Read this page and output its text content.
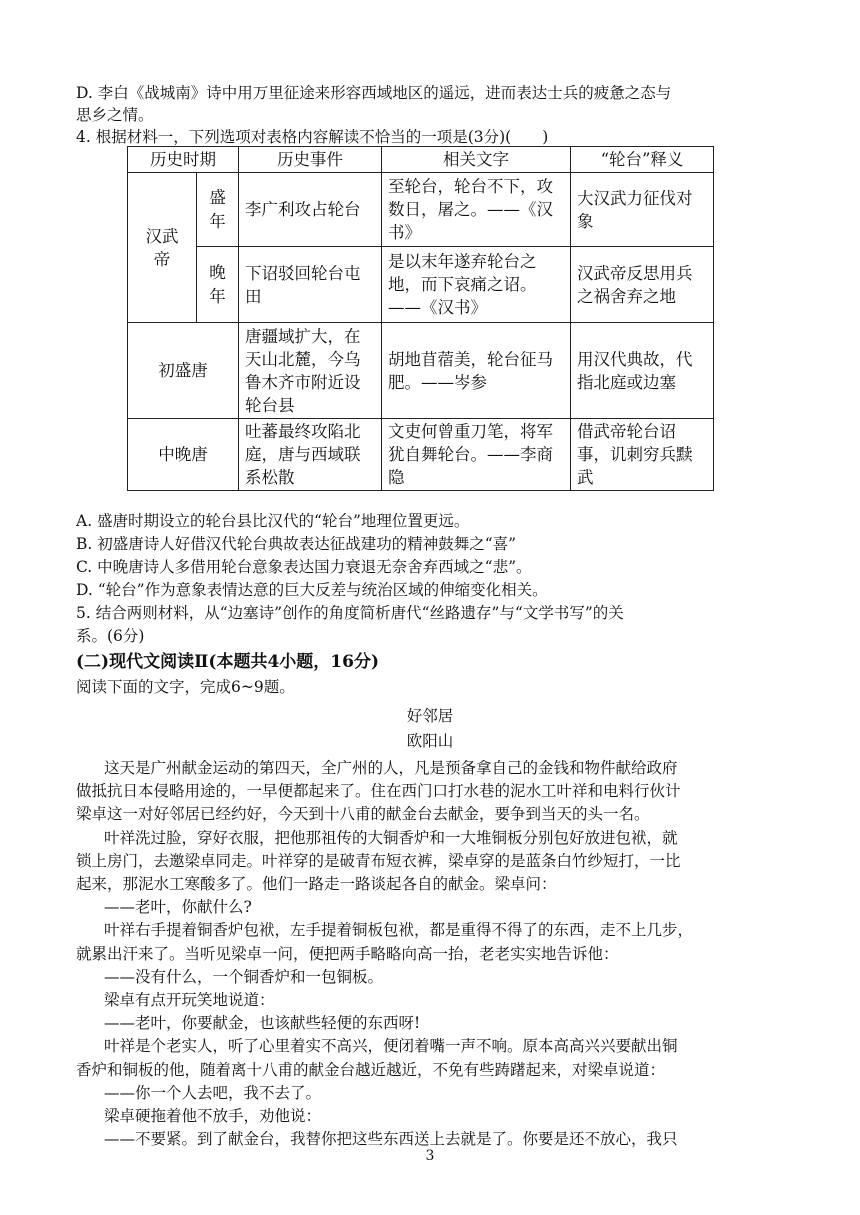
D. 李白《战城南》诗中用万里征途来形容西域地区的遥远，进而表达士兵的疲惫之态与
思乡之情。
4. 根据材料一，下列选项对表格内容解读不恰当的一项是(3分)(　　)
历史时期		历史事件	相关文字	“轮台”释义
汉武帝	盛年	李广利攻占轮台	至轮台，轮台不下，攻数日，屠之。——《汉书》	大汉武力征伐对象
	晚年	下诏驳回轮台屯田	是以末年遂弃轮台之地，而下哀痛之诏。——《汉书》	汉武帝反思用兵之祸舍弃之地
初盛唐		唐疆域扩大，在天山北麓，今乌鲁木齐市附近设轮台县	胡地苜蓿美，轮台征马肥。——岑参	用汉代典故，代指北庭或边塞
中晚唐		吐蕃最终攻陷北庭，唐与西域联系松散	文吏何曾重刀笔，将军犹自舞轮台。——李商隐	借武帝轮台诏事，讥刺穷兵黩武
A. 盛唐时期设立的轮台县比汉代的“轮台”地理位置更远。
B. 初盛唐诗人好借汉代轮台典故表达征战建功的精神鼓舞之“喜”
C. 中晚唐诗人多借用轮台意象表达国力衰退无奈舍弃西域之“悲”。
D. “轮台”作为意象表情达意的巨大反差与统治区域的伸缩变化相关。
5. 结合两则材料，从“边塞诗”创作的角度简析唐代“丝路遗存”与“文学书写”的关
系。(6分)
(二)现代文阅读Ⅱ(本题共4小题，16分)
阅读下面的文字，完成6~9题。
好邻居
欧阳山
这天是广州献金运动的第四天，全广州的人，凡是预备拿自己的金钱和物件献给政府
做抵抗日本侵略用途的，一早便都起来了。住在西门口打水巷的泥水工叶祥和电料行伙计
梁卓这一对好邻居已经约好，今天到十八甫的献金台去献金，要争到当天的头一名。
叶祥洗过脸，穿好衣服，把他那祖传的大铜香炉和一大堆铜板分别包好放进包袱，就
锁上房门，去邀梁卓同走。叶祥穿的是破青布短衣裤，梁卓穿的是蓝条白竹纱短打，一比
起来，那泥水工寒酸多了。他们一路走一路谈起各自的献金。梁卓问：
——老叶，你献什么?
叶祥右手提着铜香炉包袱，左手提着铜板包袱，都是重得不得了的东西，走不上几步，
就累出汗来了。当听见梁卓一问，便把两手略略向高一抬，老老实实地告诉他：
——没有什么，一个铜香炉和一包铜板。
梁卓有点开玩笑地说道：
——老叶，你要献金，也该献些轻便的东西呀!
叶祥是个老实人，听了心里着实不高兴，便闭着嘴一声不响。原本高高兴兴要献出铜
香炉和铜板的他，随着离十八甫的献金台越近越近，不免有些踌躇起来，对梁卓说道：
——你一个人去吧，我不去了。
梁卓硬拖着他不放手，劝他说：
——不要紧。到了献金台，我替你把这些东西送上去就是了。你要是还不放心，我只
3
